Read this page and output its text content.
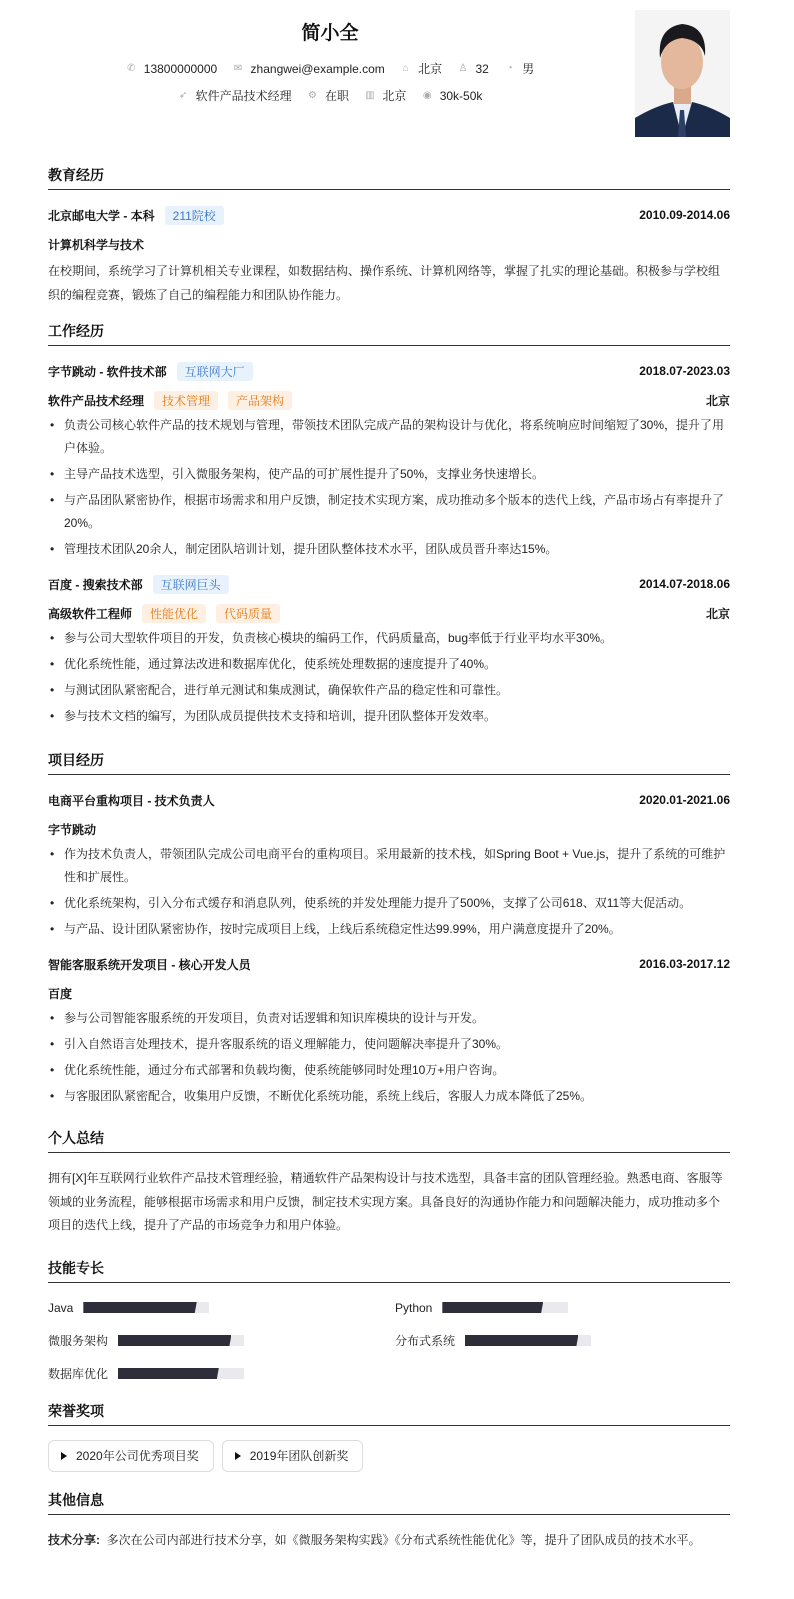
简小全
✆ 13800000000
✉ zhangwei@example.com
⌂ 北京
♙ 32
◔ 男
➶ 软件产品技术经理
⚙ 在职
▥ 北京
◉ 30k-50k
教育经历
北京邮电大学 - 本科	211院校	2010.09-2014.06
计算机科学与技术
在校期间，系统学习了计算机相关专业课程，如数据结构、操作系统、计算机网络等，掌握了扎实的理论基础。积极参与学校组织的编程竞赛，锻炼了自己的编程能力和团队协作能力。
工作经历
字节跳动 - 软件技术部	互联网大厂	2018.07-2023.03
软件产品技术经理	技术管理	产品架构	北京
• 负责公司核心软件产品的技术规划与管理，带领技术团队完成产品的架构设计与优化，将系统响应时间缩短了30%，提升了用户体验。
• 主导产品技术选型，引入微服务架构，使产品的可扩展性提升了50%，支撑业务快速增长。
• 与产品团队紧密协作，根据市场需求和用户反馈，制定技术实现方案，成功推动多个版本的迭代上线，产品市场占有率提升了20%。
• 管理技术团队20余人，制定团队培训计划，提升团队整体技术水平，团队成员晋升率达15%。
百度 - 搜索技术部	互联网巨头	2014.07-2018.06
高级软件工程师	性能优化	代码质量	北京
• 参与公司大型软件项目的开发，负责核心模块的编码工作，代码质量高，bug率低于行业平均水平30%。
• 优化系统性能，通过算法改进和数据库优化，使系统处理数据的速度提升了40%。
• 与测试团队紧密配合，进行单元测试和集成测试，确保软件产品的稳定性和可靠性。
• 参与技术文档的编写，为团队成员提供技术支持和培训，提升团队整体开发效率。
项目经历
电商平台重构项目 - 技术负责人	2020.01-2021.06
字节跳动
• 作为技术负责人，带领团队完成公司电商平台的重构项目。采用最新的技术栈，如Spring Boot + Vue.js，提升了系统的可维护性和扩展性。
• 优化系统架构，引入分布式缓存和消息队列，使系统的并发处理能力提升了500%，支撑了公司618、双11等大促活动。
• 与产品、设计团队紧密协作，按时完成项目上线，上线后系统稳定性达99.99%，用户满意度提升了20%。
智能客服系统开发项目 - 核心开发人员	2016.03-2017.12
百度
• 参与公司智能客服系统的开发项目，负责对话逻辑和知识库模块的设计与开发。
• 引入自然语言处理技术，提升客服系统的语义理解能力，使问题解决率提升了30%。
• 优化系统性能，通过分布式部署和负载均衡，使系统能够同时处理10万+用户咨询。
• 与客服团队紧密配合，收集用户反馈，不断优化系统功能，系统上线后，客服人力成本降低了25%。
个人总结
拥有[X]年互联网行业软件产品技术管理经验，精通软件产品架构设计与技术选型，具备丰富的团队管理经验。熟悉电商、客服等领域的业务流程，能够根据市场需求和用户反馈，制定技术实现方案。具备良好的沟通协作能力和问题解决能力，成功推动多个项目的迭代上线，提升了产品的市场竞争力和用户体验。
技能专长
Java	Python
微服务架构	分布式系统
数据库优化
荣誉奖项
2020年公司优秀项目奖	2019年团队创新奖
其他信息
技术分享: 多次在公司内部进行技术分享，如《微服务架构实践》《分布式系统性能优化》等，提升了团队成员的技术水平。
